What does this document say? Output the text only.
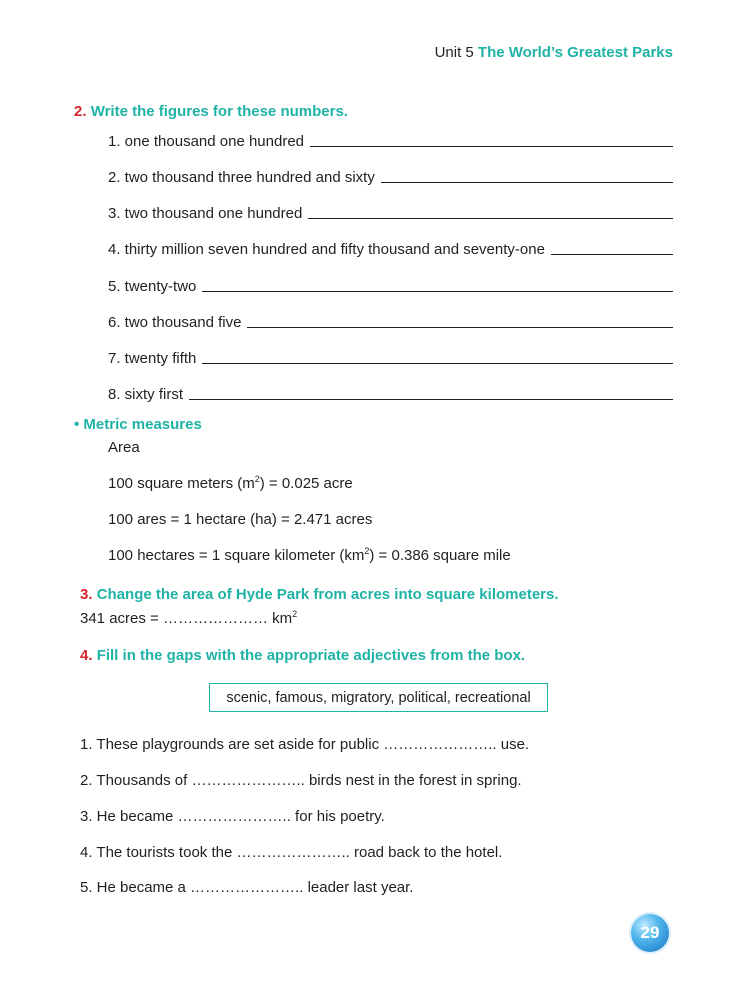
Unit 5 The World’s Greatest Parks
2. Write the figures for these numbers.
1. one thousand one hundred
2. two thousand three hundred and sixty
3. two thousand one hundred
4. thirty million seven hundred and fifty thousand and seventy-one
5. twenty-two
6. two thousand five
7. twenty fifth
8. sixty first
• Metric measures
Area
100 square meters $(m^2) = 0.025$ acre
100 ares = 1 hectare (ha) = 2.471 acres
100 hectares = 1 square kilometer $(km^2) = 0.386$ square mile
3. Change the area of Hyde Park from acres into square kilometers.
341 acres = ………………… $km^2$
4. Fill in the gaps with the appropriate adjectives from the box.
scenic, famous, migratory, political, recreational
1. These playgrounds are set aside for public ………………….. use.
2. Thousands of ………………….. birds nest in the forest in spring.
3. He became ………………….. for his poetry.
4. The tourists took the ………………….. road back to the hotel.
5. He became a ………………….. leader last year.
29
